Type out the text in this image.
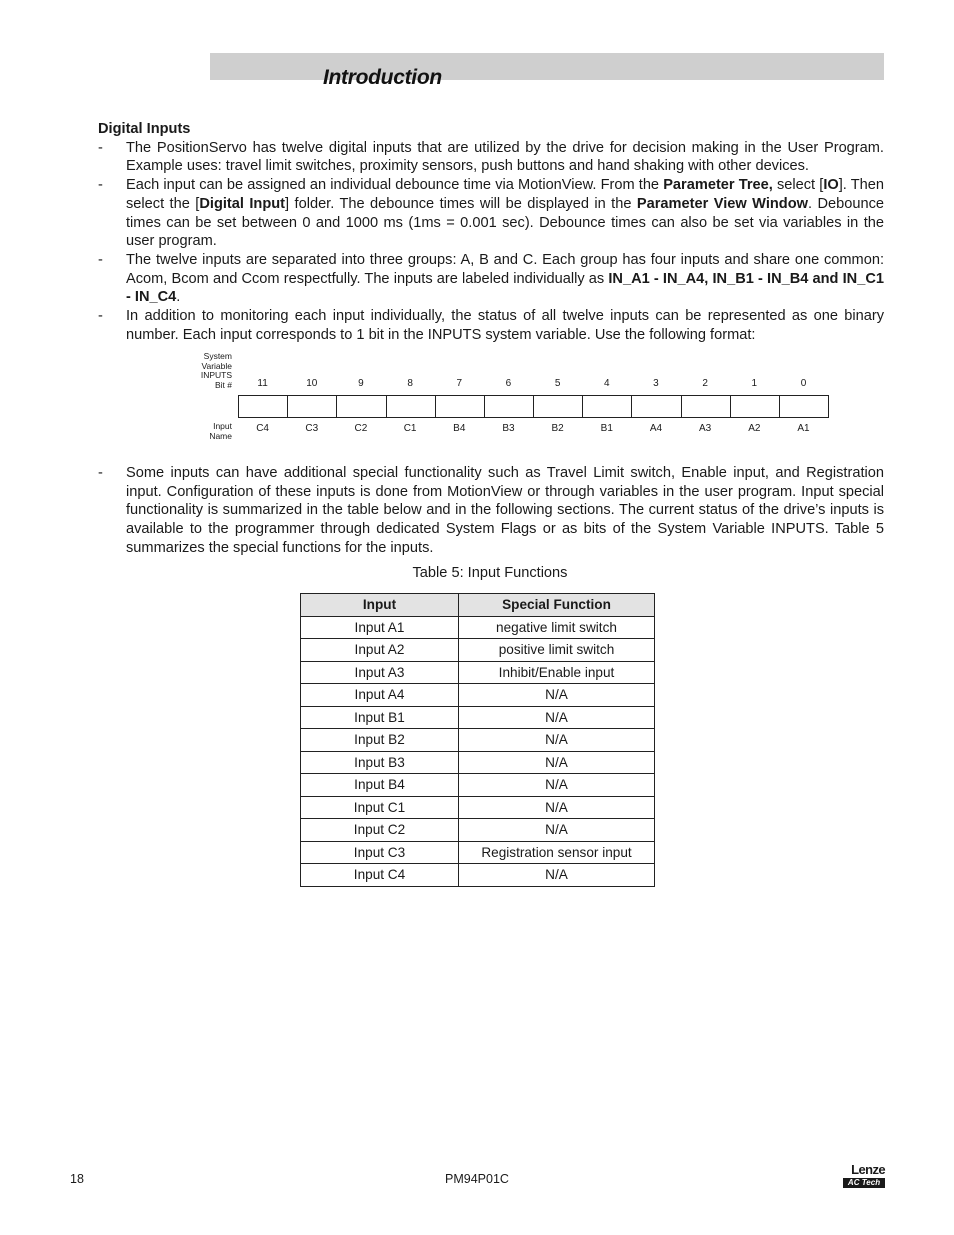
Introduction
Digital Inputs
- The PositionServo has twelve digital inputs that are utilized by the drive for decision making in the User Program. Example uses: travel limit switches, proximity sensors, push buttons and hand shaking with other devices.
- Each input can be assigned an individual debounce time via MotionView. From the Parameter Tree, select [IO]. Then select the [Digital Input] folder. The debounce times will be displayed in the Parameter View Window. Debounce times can be set between 0 and 1000 ms (1ms = 0.001 sec). Debounce times can also be set via variables in the user program.
- The twelve inputs are separated into three groups: A, B and C. Each group has four inputs and share one common: Acom, Bcom and Ccom respectfully. The inputs are labeled individually as IN_A1 - IN_A4, IN_B1 - IN_B4 and IN_C1 - IN_C4.
- In addition to monitoring each input individually, the status of all twelve inputs can be represented as one binary number. Each input corresponds to 1 bit in the INPUTS system variable. Use the following format:
System
Variable
INPUTS
Bit #	11	10	9	8	7	6	5	4	3	2	1	0
Input
Name
C4	C3	C2	C1	B4	B3	B2	B1	A4	A3	A2	A1
- Some inputs can have additional special functionality such as Travel Limit switch, Enable input, and Registration input. Configuration of these inputs is done from MotionView or through variables in the user program. Input special functionality is summarized in the table below and in the following sections. The current status of the drive’s inputs is available to the programmer through dedicated System Flags or as bits of the System Variable INPUTS. Table 5 summarizes the special functions for the inputs.

Table 5: Input Functions

Input	Special Function
Input A1	negative limit switch
Input A2	positive limit switch
Input A3	Inhibit/Enable input
Input A4	N/A
Input B1	N/A
Input B2	N/A
Input B3	N/A
Input B4	N/A
Input C1	N/A
Input C2	N/A
Input C3	Registration sensor input
Input C4	N/A
18	PM94P01C
Lenze
AC Tech
